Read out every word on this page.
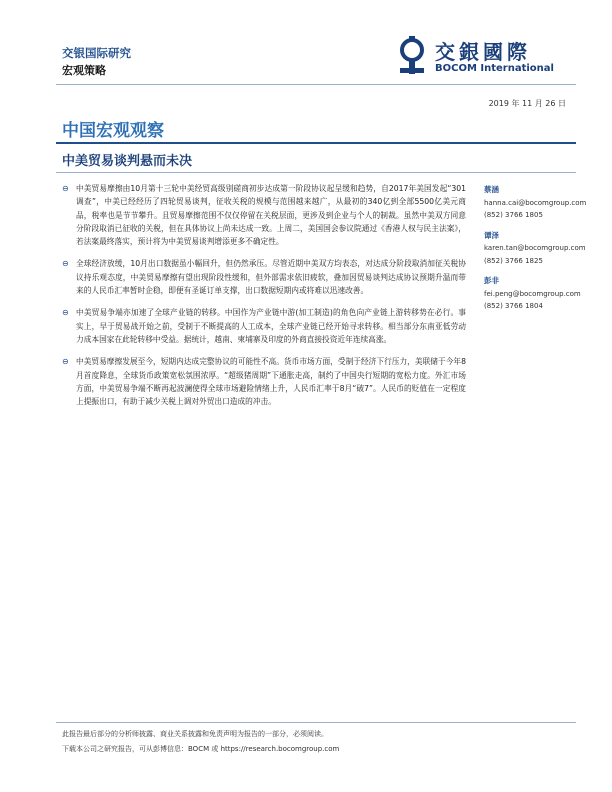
交银国际研究
宏观策略
交銀國際
BOCOM International
2019 年 11 月 26 日
中国宏观观察
中美贸易谈判悬而未决
⊖ 中美贸易摩擦由10月第十三轮中美经贸高级别磋商初步达成第一阶段协议起呈缓和趋势，自2017年美国发起“301调查”，中美已经经历了四轮贸易谈判，征收关税的规模与范围越来越广，从最初的340亿到全部5500亿美元商品，税率也是节节攀升。且贸易摩擦范围不仅仅停留在关税层面，更涉及到企业与个人的制裁。虽然中美双方同意分阶段取消已征收的关税，但在具体协议上尚未达成一致。上周二，美国国会参议院通过《香港人权与民主法案》，若法案最终落实，预计将为中美贸易谈判增添更多不确定性。
⊖ 全球经济放缓，10月出口数据虽小幅回升，但仍然承压。尽管近期中美双方均表态，对达成分阶段取消加征关税协议持乐观态度，中美贸易摩擦有望出现阶段性缓和，但外部需求依旧疲软，叠加因贸易谈判达成协议预期升温而带来的人民币汇率暂时企稳，即便有圣诞订单支撑，出口数据短期内或将难以迅速改善。
⊖ 中美贸易争端亦加速了全球产业链的转移。中国作为产业链中游(加工制造)的角色向产业链上游转移势在必行。事实上，早于贸易战开始之前，受制于不断提高的人工成本，全球产业链已经开始寻求转移。相当部分东南亚低劳动力成本国家在此轮转移中受益。据统计，越南、柬埔寨及印度的外商直接投资近年连续高涨。
⊖ 中美贸易摩擦发展至今，短期内达成完整协议的可能性不高。货币市场方面，受制于经济下行压力，美联储于今年8月首度降息，全球货币政策宽松氛围浓厚。“超级猪周期”下通胀走高，制约了中国央行短期的宽松力度。外汇市场方面，中美贸易争端不断再起波澜使得全球市场避险情绪上升，人民币汇率于8月“破7”。人民币的贬值在一定程度上提振出口，有助于减少关税上调对外贸出口造成的冲击。
蔡涵
hanna.cai@bocomgroup.com
(852) 3766 1805
谭泽
karen.tan@bocomgroup.com
(852) 3766 1825
彭非
fei.peng@bocomgroup.com
(852) 3766 1804
此报告最后部分的分析师披露、商业关系披露和免责声明为报告的一部分，必须阅读。
下载本公司之研究报告，可从彭博信息：BOCM 或 https://research.bocomgroup.com
